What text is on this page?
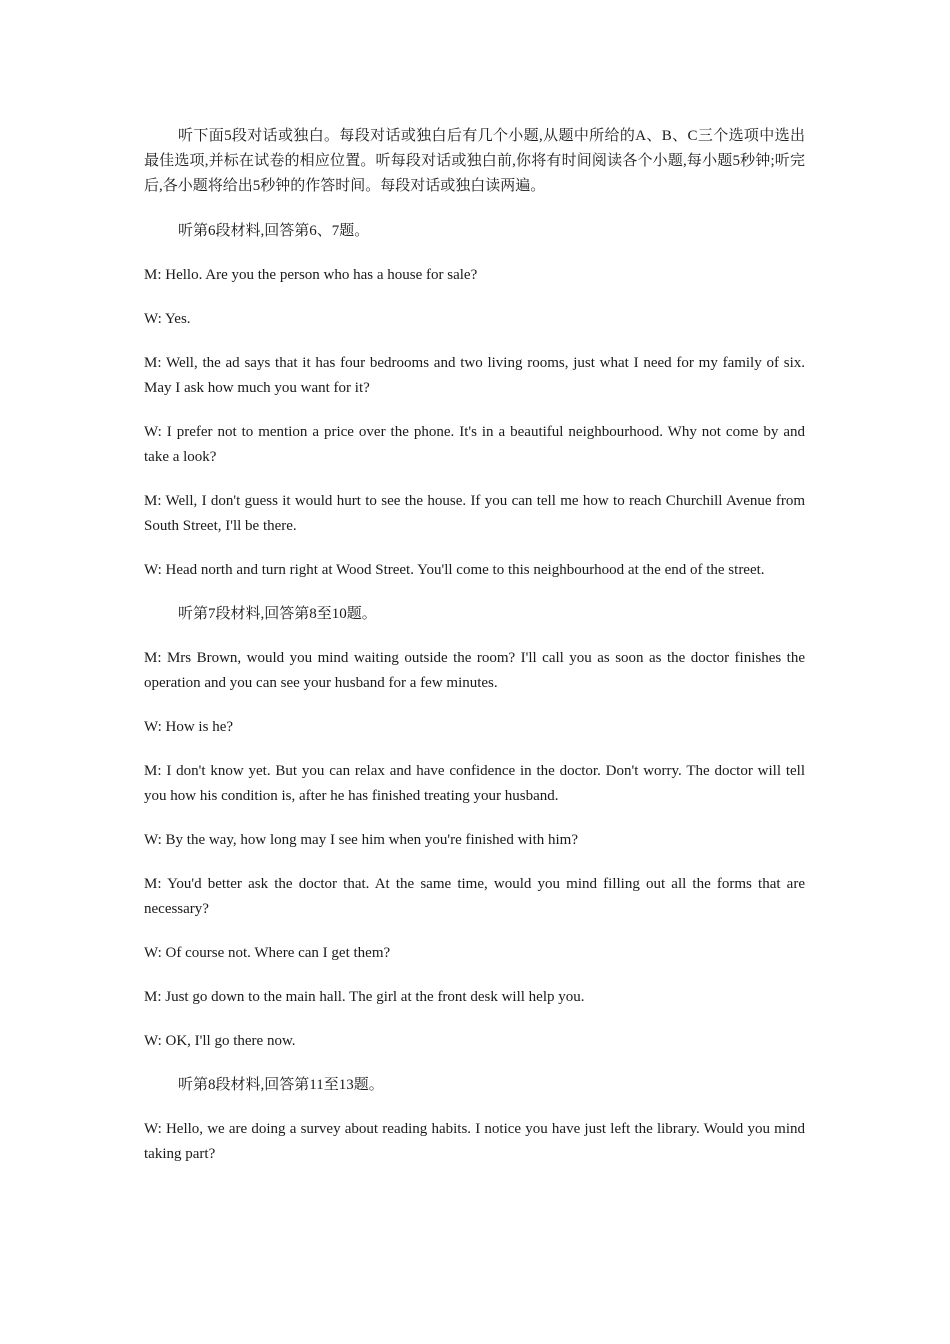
听下面5段对话或独白。每段对话或独白后有几个小题,从题中所给的A、B、C三个选项中选出最佳选项,并标在试卷的相应位置。听每段对话或独白前,你将有时间阅读各个小题,每小题5秒钟;听完后,各小题将给出5秒钟的作答时间。每段对话或独白读两遍。

听第6段材料,回答第6、7题。

M: Hello. Are you the person who has a house for sale?

W: Yes.

M: Well, the ad says that it has four bedrooms and two living rooms, just what I need for my family of six. May I ask how much you want for it?

W: I prefer not to mention a price over the phone. It's in a beautiful neighbourhood. Why not come by and take a look?

M: Well, I don't guess it would hurt to see the house. If you can tell me how to reach Churchill Avenue from South Street, I'll be there.

W: Head north and turn right at Wood Street. You'll come to this neighbourhood at the end of the street.

听第7段材料,回答第8至10题。

M: Mrs Brown, would you mind waiting outside the room? I'll call you as soon as the doctor finishes the operation and you can see your husband for a few minutes.

W: How is he?

M: I don't know yet. But you can relax and have confidence in the doctor. Don't worry. The doctor will tell you how his condition is, after he has finished treating your husband.

W: By the way, how long may I see him when you're finished with him?

M: You'd better ask the doctor that. At the same time, would you mind filling out all the forms that are necessary?

W: Of course not. Where can I get them?

M: Just go down to the main hall. The girl at the front desk will help you.

W: OK, I'll go there now.

听第8段材料,回答第11至13题。

W: Hello, we are doing a survey about reading habits. I notice you have just left the library. Would you mind taking part?
